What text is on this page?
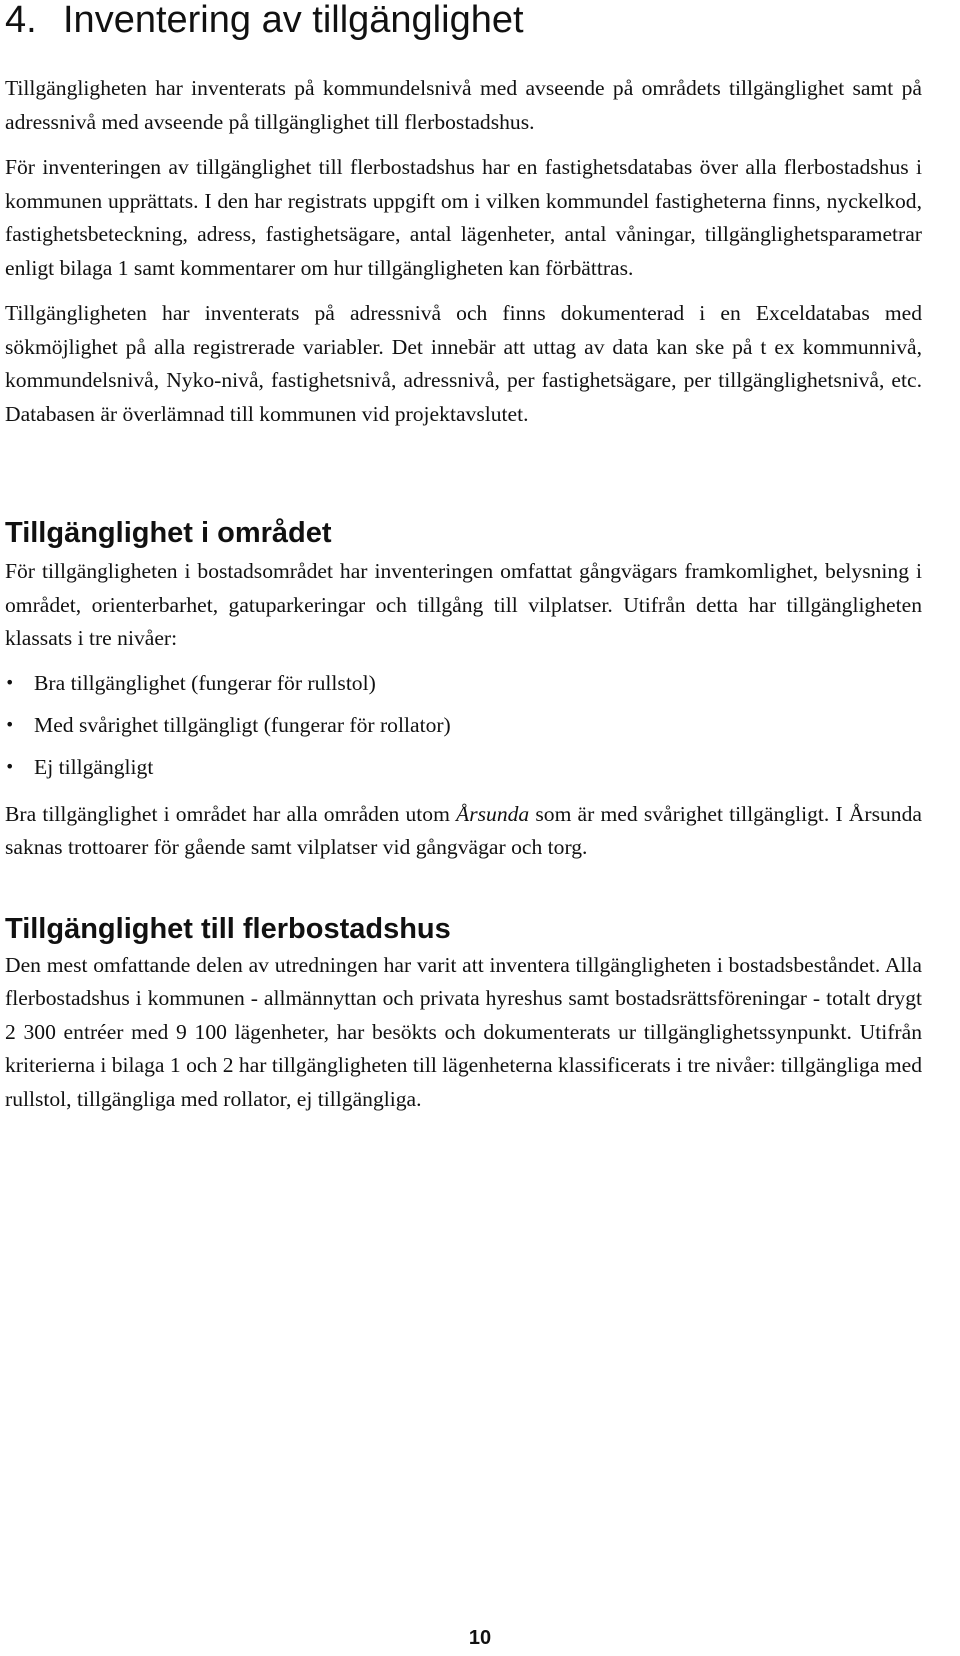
4. Inventering av tillgänglighet

Tillgängligheten har inventerats på kommundelsnivå med avseende på områdets tillgänglighet samt på adressnivå med avseende på tillgänglighet till flerbostadshus.

För inventeringen av tillgänglighet till flerbostadshus har en fastighetsdatabas över alla flerbostadshus i kommunen upprättats. I den har registrats uppgift om i vilken kommundel fastigheterna finns, nyckelkod, fastighetsbeteckning, adress, fastighetsägare, antal lägenheter, antal våningar, tillgänglighetsparametrar enligt bilaga 1 samt kommentarer om hur tillgängligheten kan förbättras.

Tillgängligheten har inventerats på adressnivå och finns dokumenterad i en Exceldatabas med sökmöjlighet på alla registrerade variabler. Det innebär att uttag av data kan ske på t ex kommunnivå, kommundelsnivå, Nyko-nivå, fastighetsnivå, adressnivå, per fastighetsägare, per tillgänglighetsnivå, etc. Databasen är överlämnad till kommunen vid projektavslutet.

Tillgänglighet i området

För tillgängligheten i bostadsområdet har inventeringen omfattat gångvägars framkomlighet, belysning i området, orienterbarhet, gatuparkeringar och tillgång till vilplatser. Utifrån detta har tillgängligheten klassats i tre nivåer:

• Bra tillgänglighet (fungerar för rullstol)
• Med svårighet tillgängligt (fungerar för rollator)
• Ej tillgängligt

Bra tillgänglighet i området har alla områden utom Årsunda som är med svårighet tillgängligt. I Årsunda saknas trottoarer för gående samt vilplatser vid gångvägar och torg.

Tillgänglighet till flerbostadshus

Den mest omfattande delen av utredningen har varit att inventera tillgängligheten i bostadsbeståndet. Alla flerbostadshus i kommunen - allmännyttan och privata hyreshus samt bostadsrättsföreningar - totalt drygt 2 300 entréer med 9 100 lägenheter, har besökts och dokumenterats ur tillgänglighetssynpunkt. Utifrån kriterierna i bilaga 1 och 2 har tillgängligheten till lägenheterna klassificerats i tre nivåer: tillgängliga med rullstol, tillgängliga med rollator, ej tillgängliga.

10
